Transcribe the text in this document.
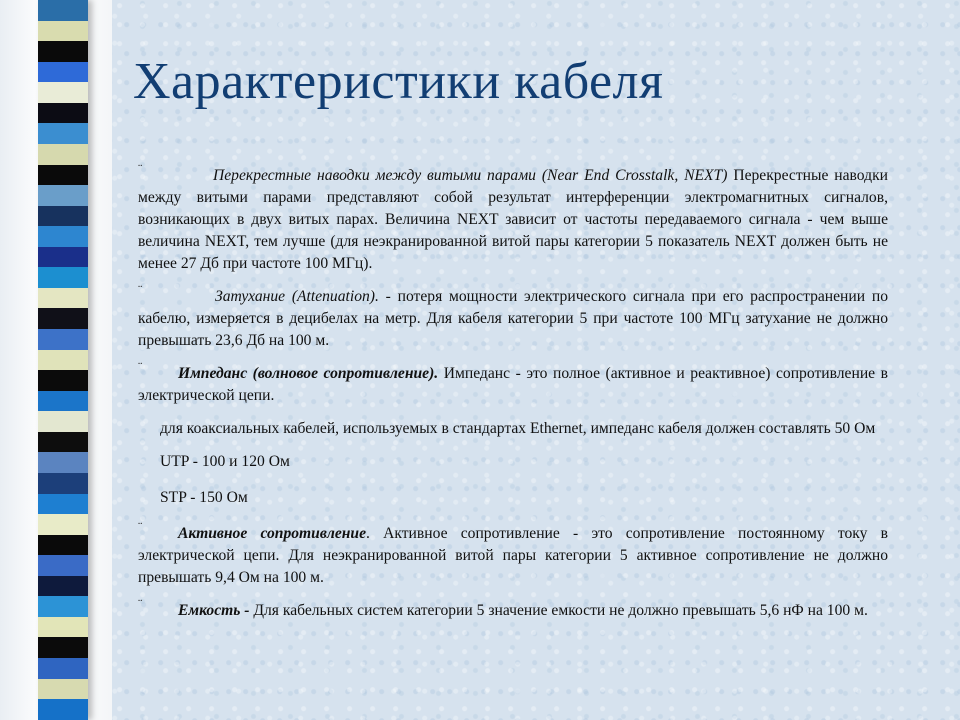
Характеристики кабеля

¨	Перекрестные наводки между витыми парами (Near End Crosstalk, NEXT) Перекрестные наводки между витыми парами представляют собой результат интерференции электромагнитных сигналов, возникающих в двух витых парах. Величина NEXT зависит от частоты передаваемого сигнала - чем выше величина NEXT, тем лучше (для неэкранированной витой пары категории 5 показатель NEXT должен быть не менее 27 Дб при частоте 100 МГц).

¨	Затухание (Attenuation). - потеря мощности электрического сигнала при его распространении по кабелю, измеряется в децибелах на метр. Для кабеля категории 5 при частоте 100 МГц затухание не должно превышать 23,6 Дб на 100 м.

¨ Импеданс (волновое сопротивление). Импеданс - это полное (активное и реактивное) сопротивление в электрической цепи.

для коаксиальных кабелей, используемых в стандартах Ethernet, импеданс кабеля должен составлять 50 Ом

UTP - 100 и 120 Ом

STP - 150 Ом

¨ Активное сопротивление. Активное сопротивление - это сопротивление постоянному току в электрической цепи. Для неэкранированной витой пары категории 5 активное сопротивление не должно превышать 9,4 Ом на 100 м.

¨ Емкость - Для кабельных систем категории 5 значение емкости не должно превышать 5,6 нФ на 100 м.
